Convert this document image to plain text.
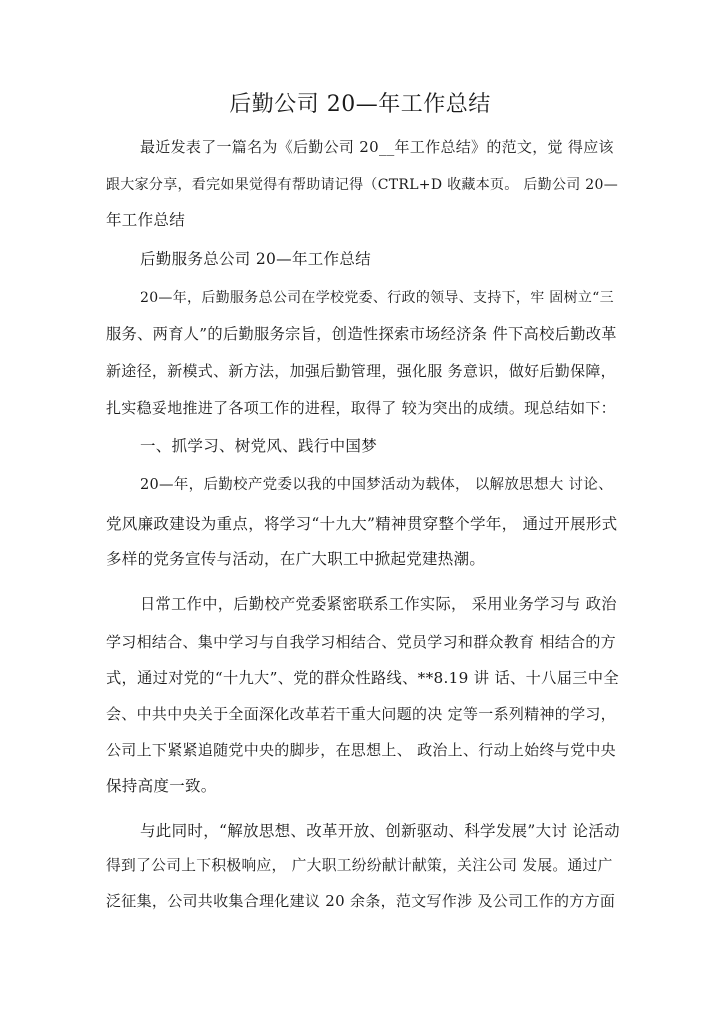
后勤公司 20—年工作总结
最近发表了一篇名为《后勤公司 20__年工作总结》的范文，觉 得应该
跟大家分享，看完如果觉得有帮助请记得（CTRL+D 收藏本页。 后勤公司 20—
年工作总结
后勤服务总公司 20—年工作总结
20—年，后勤服务总公司在学校党委、行政的领导、支持下，牢 固树立“三
服务、两育人”的后勤服务宗旨，创造性探索市场经济条 件下高校后勤改革
新途径，新模式、新方法，加强后勤管理，强化服 务意识，做好后勤保障，
扎实稳妥地推进了各项工作的进程，取得了 较为突出的成绩。现总结如下：
一、抓学习、树党风、践行中国梦
20—年，后勤校产党委以我的中国梦活动为载体， 以解放思想大 讨论、
党风廉政建设为重点，将学习“十九大”精神贯穿整个学年， 通过开展形式
多样的党务宣传与活动，在广大职工中掀起党建热潮。
日常工作中，后勤校产党委紧密联系工作实际， 采用业务学习与 政治
学习相结合、集中学习与自我学习相结合、党员学习和群众教育 相结合的方
式，通过对党的“十九大”、党的群众性路线、**8.19 讲 话、十八届三中全
会、中共中央关于全面深化改革若干重大问题的决 定等一系列精神的学习，
公司上下紧紧追随党中央的脚步，在思想上、 政治上、行动上始终与党中央
保持高度一致。
与此同时，“解放思想、改革开放、创新驱动、科学发展”大讨 论活动
得到了公司上下积极响应， 广大职工纷纷献计献策，关注公司 发展。通过广
泛征集，公司共收集合理化建议 20 余条，范文写作涉 及公司工作的方方面
